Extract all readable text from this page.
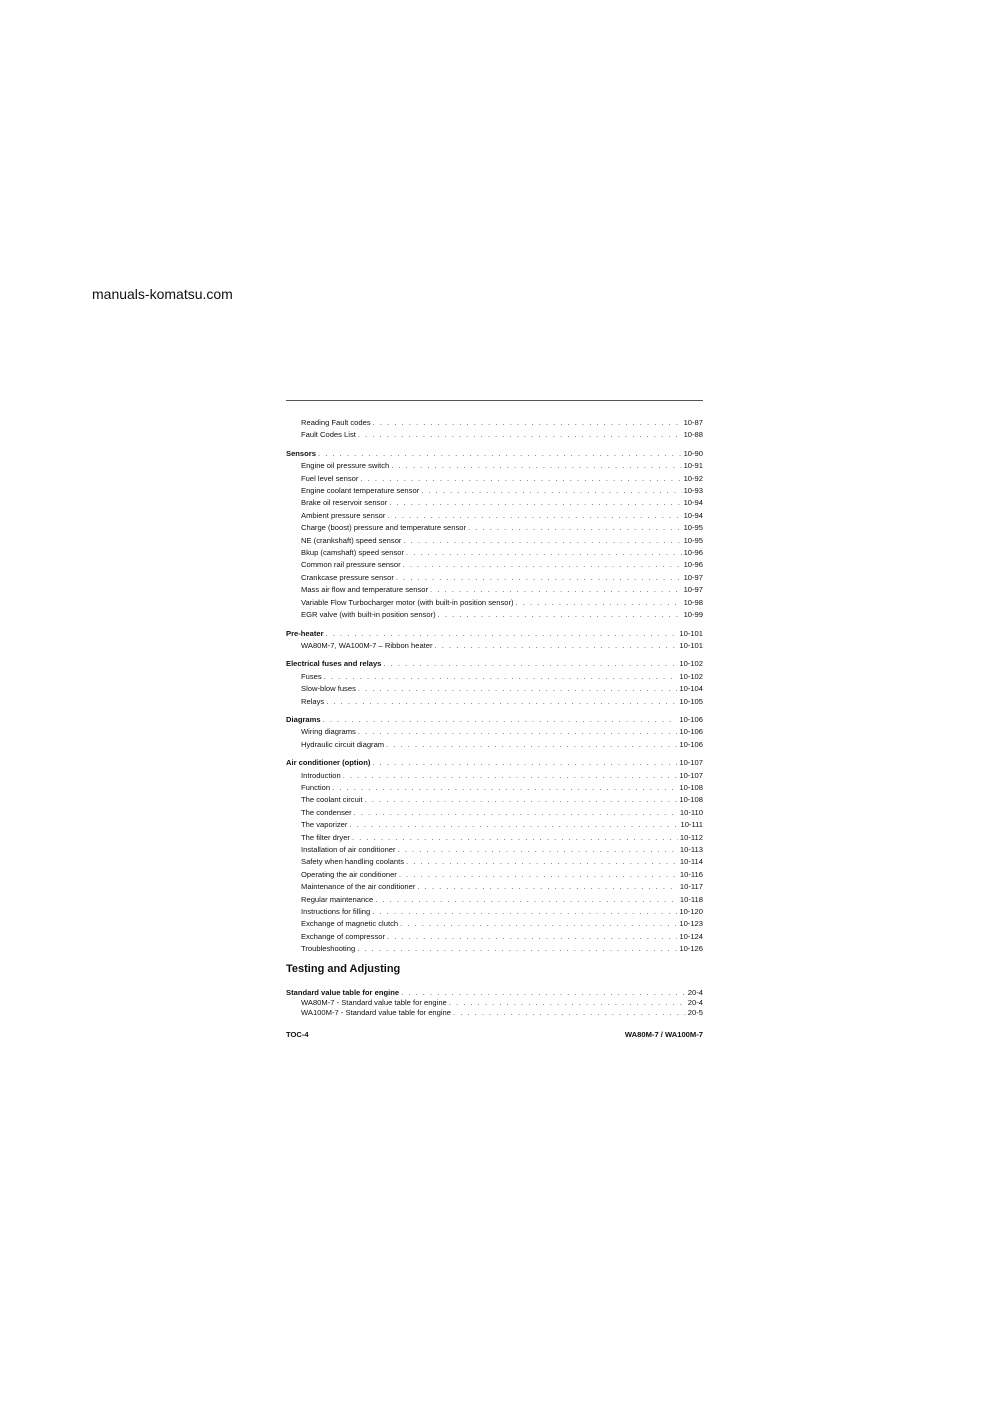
manuals-komatsu.com
Reading Fault codes . . .	10-87
Fault Codes List . . .	10-88
Sensors . . .	10-90
Engine oil pressure switch . . .	10-91
Fuel level sensor . . .	10-92
Engine coolant temperature sensor . . .	10-93
Brake oil reservoir sensor . . .	10-94
Ambient pressure sensor . . .	10-94
Charge (boost) pressure and temperature sensor . . .	10-95
NE (crankshaft) speed sensor . . .	10-95
Bkup (camshaft) speed sensor . . .	10-96
Common rail pressure sensor . . .	10-96
Crankcase pressure sensor . . .	10-97
Mass air flow and temperature sensor . . .	10-97
Variable Flow Turbocharger motor (with built-in position sensor) . . .	10-98
EGR valve (with built-in position sensor) . . .	10-99
Pre-heater . . .	10-101
WA80M-7, WA100M-7 – Ribbon heater . . .	10-101
Electrical fuses and relays . . .	10-102
Fuses . . .	10-102
Slow-blow fuses . . .	10-104
Relays . . .	10-105
Diagrams . . .	10-106
Wiring diagrams . . .	10-106
Hydraulic circuit diagram . . .	10-106
Air conditioner (option) . . .	10-107
Introduction . . .	10-107
Function . . .	10-108
The coolant circuit . . .	10-108
The condenser . . .	10-110
The vaporizer . . .	10-111
The filter dryer . . .	10-112
Installation of air conditioner . . .	10-113
Safety when handling coolants . . .	10-114
Operating the air conditioner . . .	10-116
Maintenance of the air conditioner . . .	10-117
Regular maintenance . . .	10-118
Instructions for filling . . .	10-120
Exchange of magnetic clutch . . .	10-123
Exchange of compressor . . .	10-124
Troubleshooting . . .	10-126
Testing and Adjusting
Standard value table for engine . . .	20-4
WA80M-7 - Standard value table for engine . . .	20-4
WA100M-7 - Standard value table for engine . . .	20-5
TOC-4	WA80M-7 / WA100M-7
